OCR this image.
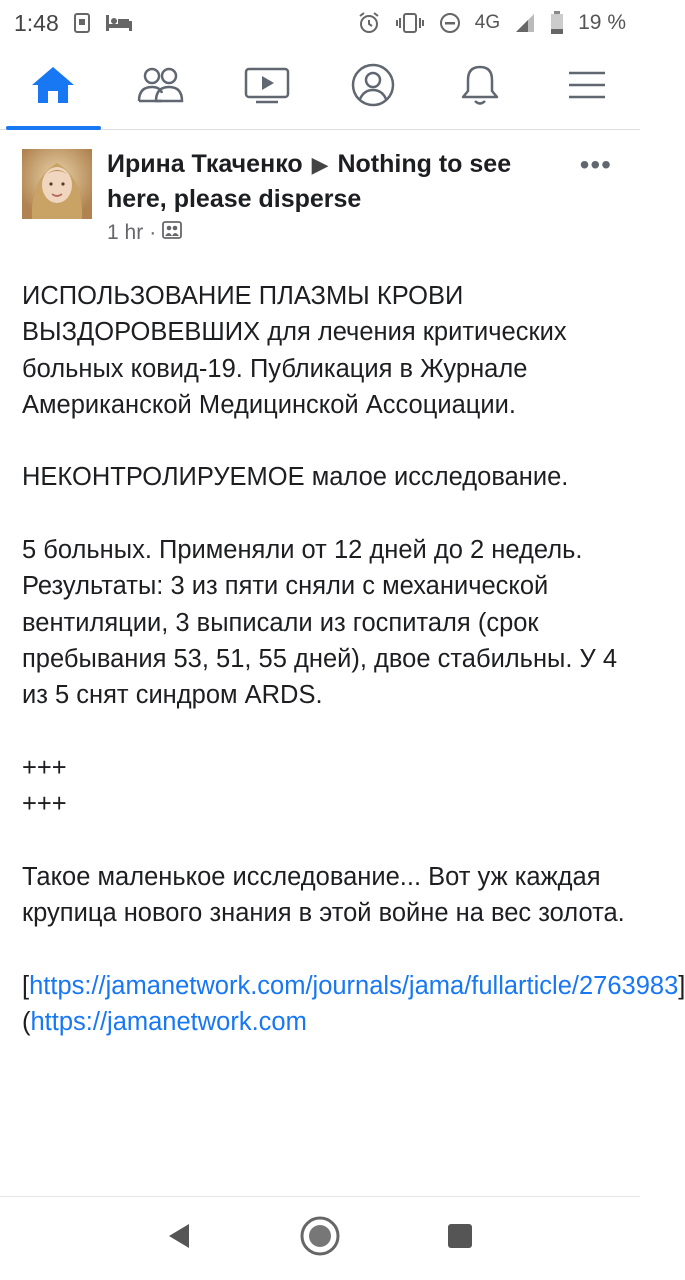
1:48	4G	19 %
Ирина Ткаченко ▶ Nothing to see here, please disperse
1 hr ·
•••
ИСПОЛЬЗОВАНИЕ ПЛАЗМЫ КРОВИ ВЫЗДОРОВЕВШИХ для лечения критических больных ковид-19. Публикация в Журнале Американской Медицинской Ассоциации.

НЕКОНТРОЛИРУЕМОЕ малое исследование.

5 больных. Применяли от 12 дней до 2 недель.
Результаты: 3 из пяти сняли с механической вентиляции, 3 выписали из госпиталя (срок пребывания 53, 51, 55 дней), двое стабильны. У 4 из 5 снят синдром ARDS.

+++
+++

Такое маленькое исследование... Вот уж каждая крупица нового знания в этой войне на вес золота.

[https://jamanetwork.com/journals/jama/fullarticle/2763983](https://jamanetwork.com
